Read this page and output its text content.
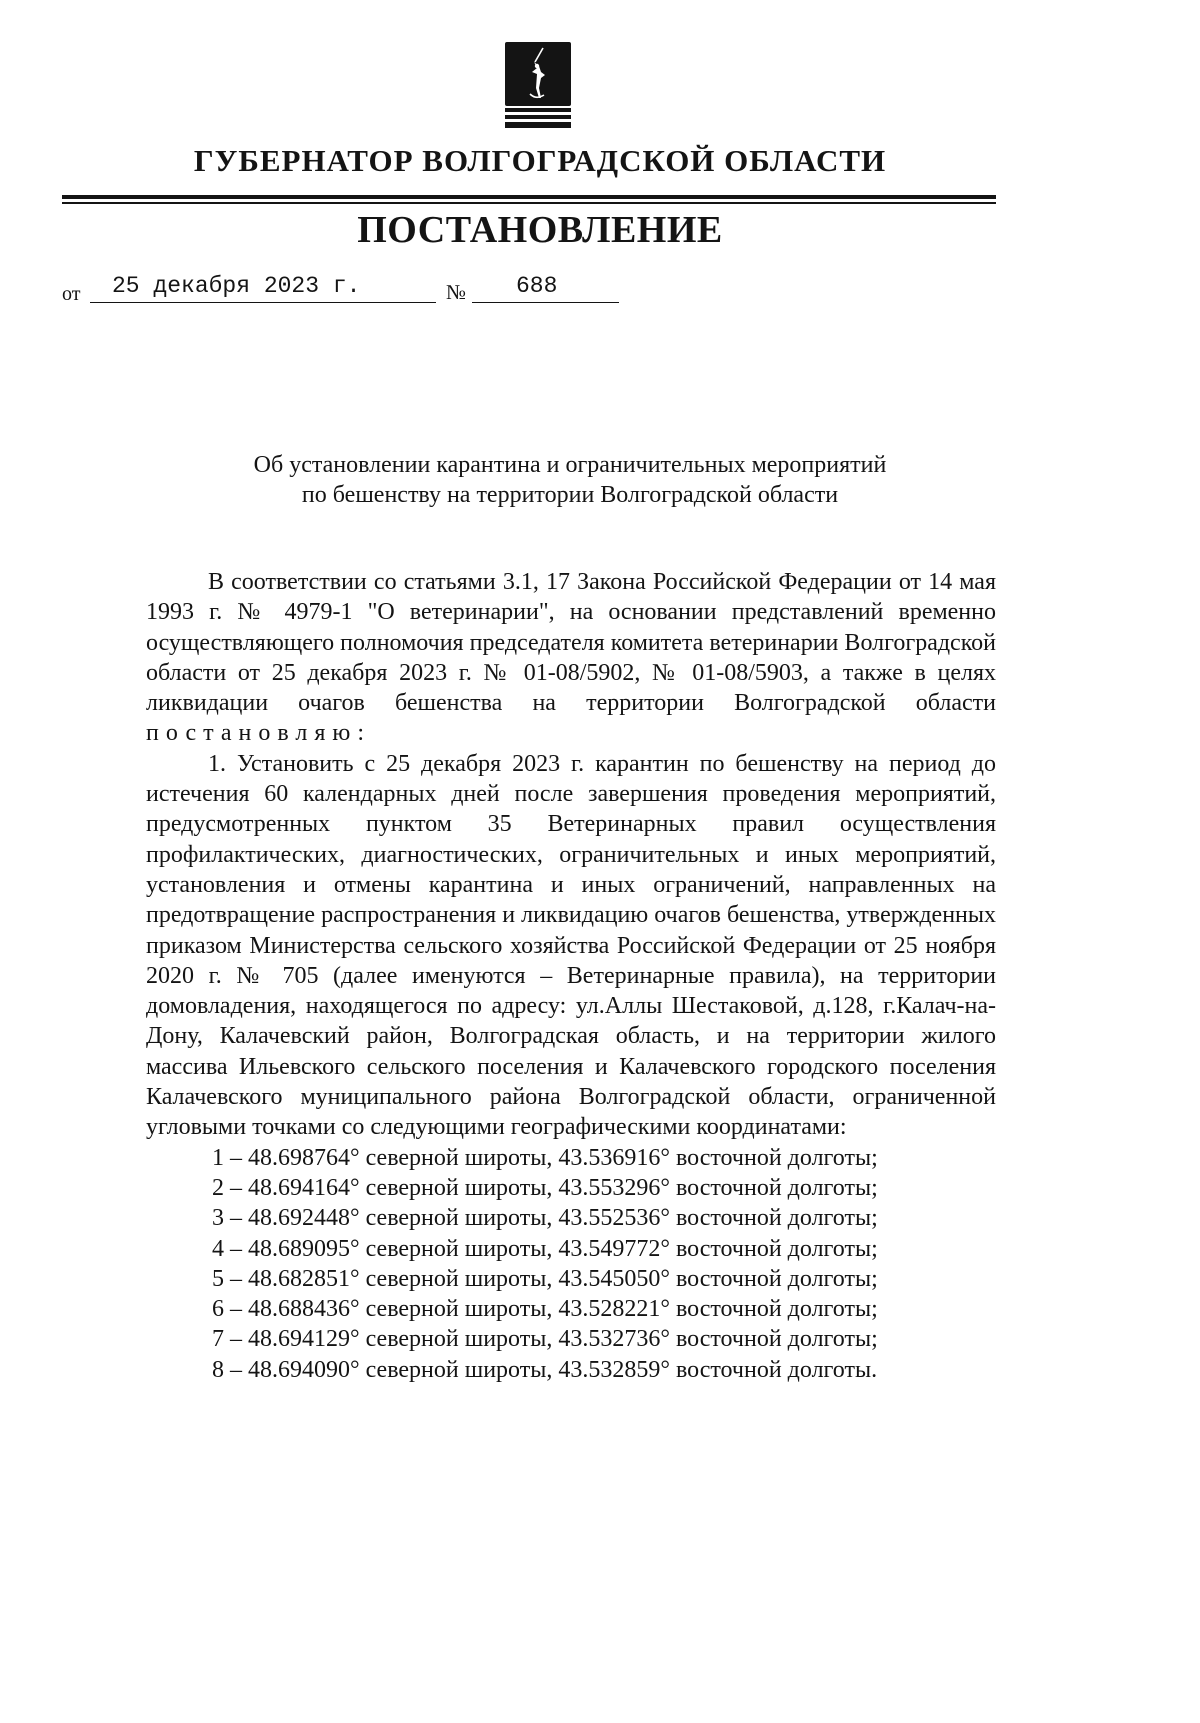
ГУБЕРНАТОР ВОЛГОГРАДСКОЙ ОБЛАСТИ
ПОСТАНОВЛЕНИЕ
от 25 декабря 2023 г.	№ 688
Об установлении карантина и ограничительных мероприятий
по бешенству на территории Волгоградской области

В соответствии со статьями 3.1, 17 Закона Российской Федерации от 14 мая 1993 г. № 4979-1 "О ветеринарии", на основании представлений временно осуществляющего полномочия председателя комитета ветеринарии Волгоградской области от 25 декабря 2023 г. № 01-08/5902, № 01-08/5903, а также в целях ликвидации очагов бешенства на территории Волгоградской области постановляю:

1. Установить с 25 декабря 2023 г. карантин по бешенству на период до истечения 60 календарных дней после завершения проведения мероприятий, предусмотренных пунктом 35 Ветеринарных правил осуществления профилактических, диагностических, ограничительных и иных мероприятий, установления и отмены карантина и иных ограничений, направленных на предотвращение распространения и ликвидацию очагов бешенства, утвержденных приказом Министерства сельского хозяйства Российской Федерации от 25 ноября 2020 г. № 705 (далее именуются – Ветеринарные правила), на территории домовладения, находящегося по адресу: ул.Аллы Шестаковой, д.128, г.Калач-на-Дону, Калачевский район, Волгоградская область, и на территории жилого массива Ильевского сельского поселения и Калачевского городского поселения Калачевского муниципального района Волгоградской области, ограниченной угловыми точками со следующими географическими координатами:

1 – 48.698764° северной широты, 43.536916° восточной долготы;
2 – 48.694164° северной широты, 43.553296° восточной долготы;
3 – 48.692448° северной широты, 43.552536° восточной долготы;
4 – 48.689095° северной широты, 43.549772° восточной долготы;
5 – 48.682851° северной широты, 43.545050° восточной долготы;
6 – 48.688436° северной широты, 43.528221° восточной долготы;
7 – 48.694129° северной широты, 43.532736° восточной долготы;
8 – 48.694090° северной широты, 43.532859° восточной долготы.
